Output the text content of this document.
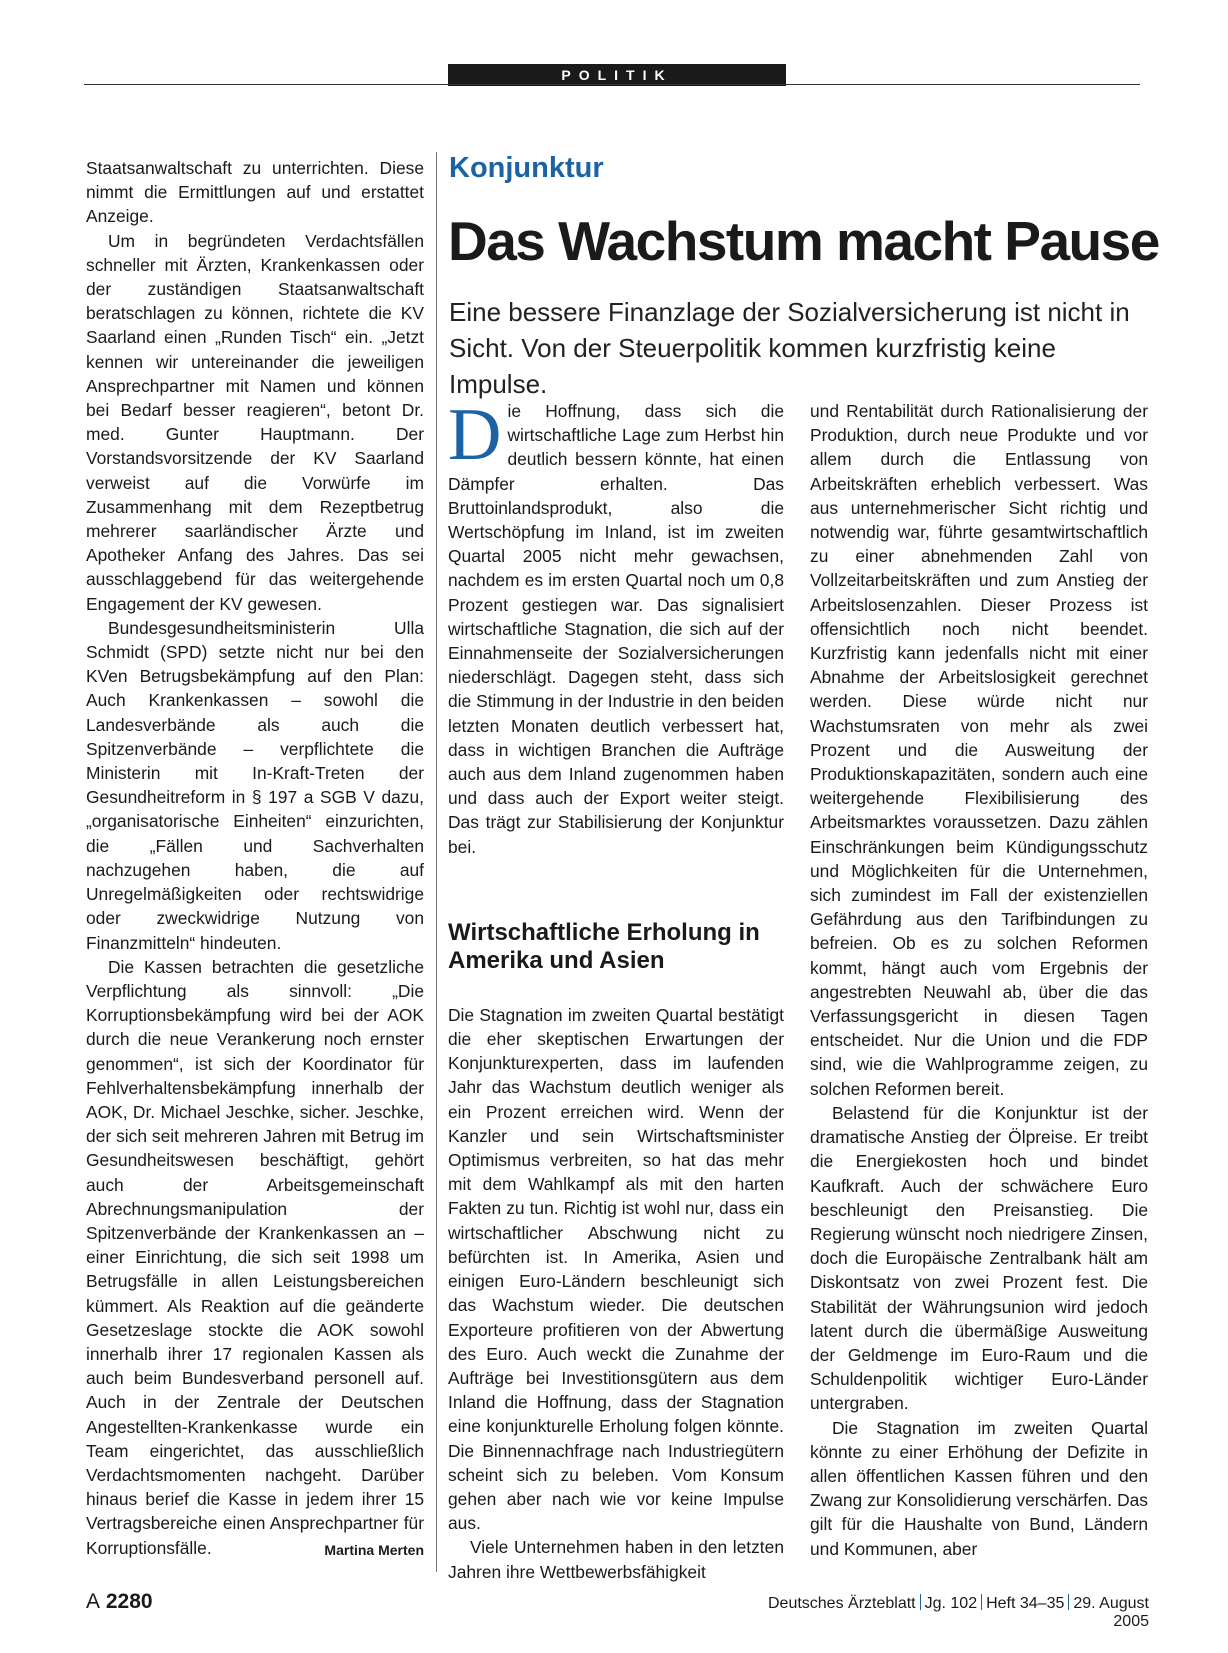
POLITIK

Staatsanwaltschaft zu unterrichten. Diese nimmt die Ermittlungen auf und erstattet Anzeige.

Um in begründeten Verdachtsfällen schneller mit Ärzten, Krankenkassen oder der zuständigen Staatsanwaltschaft beratschlagen zu können, richtete die KV Saarland einen „Runden Tisch“ ein. „Jetzt kennen wir untereinander die jeweiligen Ansprechpartner mit Namen und können bei Bedarf besser reagieren“, betont Dr. med. Gunter Hauptmann. Der Vorstandsvorsitzende der KV Saarland verweist auf die Vorwürfe im Zusammenhang mit dem Rezeptbetrug mehrerer saarländischer Ärzte und Apotheker Anfang des Jahres. Das sei ausschlaggebend für das weitergehende Engagement der KV gewesen.

Bundesgesundheitsministerin Ulla Schmidt (SPD) setzte nicht nur bei den KVen Betrugsbekämpfung auf den Plan: Auch Krankenkassen – sowohl die Landesverbände als auch die Spitzenverbände – verpflichtete die Ministerin mit In-Kraft-Treten der Gesundheitreform in § 197 a SGB V dazu, „organisatorische Einheiten“ einzurichten, die „Fällen und Sachverhalten nachzugehen haben, die auf Unregelmäßigkeiten oder rechtswidrige oder zweckwidrige Nutzung von Finanzmitteln“ hindeuten.

Die Kassen betrachten die gesetzliche Verpflichtung als sinnvoll: „Die Korruptionsbekämpfung wird bei der AOK durch die neue Verankerung noch ernster genommen“, ist sich der Koordinator für Fehlverhaltensbekämpfung innerhalb der AOK, Dr. Michael Jeschke, sicher. Jeschke, der sich seit mehreren Jahren mit Betrug im Gesundheitswesen beschäftigt, gehört auch der Arbeitsgemeinschaft Abrechnungsmanipulation der Spitzenverbände der Krankenkassen an – einer Einrichtung, die sich seit 1998 um Betrugsfälle in allen Leistungsbereichen kümmert. Als Reaktion auf die geänderte Gesetzeslage stockte die AOK sowohl innerhalb ihrer 17 regionalen Kassen als auch beim Bundesverband personell auf. Auch in der Zentrale der Deutschen Angestellten-Krankenkasse wurde ein Team eingerichtet, das ausschließlich Verdachtsmomenten nachgeht. Darüber hinaus berief die Kasse in jedem ihrer 15 Vertragsbereiche einen Ansprechpartner für Korruptionsfälle.	Martina Merten
Konjunktur
Das Wachstum macht Pause
Eine bessere Finanzlage der Sozialversicherung ist nicht in Sicht. Von der Steuerpolitik kommen kurzfristig keine Impulse.

Die Hoffnung, dass sich die wirtschaftliche Lage zum Herbst hin deutlich bessern könnte, hat einen Dämpfer erhalten. Das Bruttoinlandsprodukt, also die Wertschöpfung im Inland, ist im zweiten Quartal 2005 nicht mehr gewachsen, nachdem es im ersten Quartal noch um 0,8 Prozent gestiegen war. Das signalisiert wirtschaftliche Stagnation, die sich auf der Einnahmenseite der Sozialversicherungen niederschlägt. Dagegen steht, dass sich die Stimmung in der Industrie in den beiden letzten Monaten deutlich verbessert hat, dass in wichtigen Branchen die Aufträge auch aus dem Inland zugenommen haben und dass auch der Export weiter steigt. Das trägt zur Stabilisierung der Konjunktur bei.

Wirtschaftliche Erholung in Amerika und Asien

Die Stagnation im zweiten Quartal bestätigt die eher skeptischen Erwartungen der Konjunkturexperten, dass im laufenden Jahr das Wachstum deutlich weniger als ein Prozent erreichen wird. Wenn der Kanzler und sein Wirtschaftsminister Optimismus verbreiten, so hat das mehr mit dem Wahlkampf als mit den harten Fakten zu tun. Richtig ist wohl nur, dass ein wirtschaftlicher Abschwung nicht zu befürchten ist. In Amerika, Asien und einigen Euro-Ländern beschleunigt sich das Wachstum wieder. Die deutschen Exporteure profitieren von der Abwertung des Euro. Auch weckt die Zunahme der Aufträge bei Investitionsgütern aus dem Inland die Hoffnung, dass der Stagnation eine konjunkturelle Erholung folgen könnte. Die Binnennachfrage nach Industriegütern scheint sich zu beleben. Vom Konsum gehen aber nach wie vor keine Impulse aus.

Viele Unternehmen haben in den letzten Jahren ihre Wettbewerbsfähigkeit

und Rentabilität durch Rationalisierung der Produktion, durch neue Produkte und vor allem durch die Entlassung von Arbeitskräften erheblich verbessert. Was aus unternehmerischer Sicht richtig und notwendig war, führte gesamtwirtschaftlich zu einer abnehmenden Zahl von Vollzeitarbeitskräften und zum Anstieg der Arbeitslosenzahlen. Dieser Prozess ist offensichtlich noch nicht beendet. Kurzfristig kann jedenfalls nicht mit einer Abnahme der Arbeitslosigkeit gerechnet werden. Diese würde nicht nur Wachstumsraten von mehr als zwei Prozent und die Ausweitung der Produktionskapazitäten, sondern auch eine weitergehende Flexibilisierung des Arbeitsmarktes voraussetzen. Dazu zählen Einschränkungen beim Kündigungsschutz und Möglichkeiten für die Unternehmen, sich zumindest im Fall der existenziellen Gefährdung aus den Tarifbindungen zu befreien. Ob es zu solchen Reformen kommt, hängt auch vom Ergebnis der angestrebten Neuwahl ab, über die das Verfassungsgericht in diesen Tagen entscheidet. Nur die Union und die FDP sind, wie die Wahlprogramme zeigen, zu solchen Reformen bereit.

Belastend für die Konjunktur ist der dramatische Anstieg der Ölpreise. Er treibt die Energiekosten hoch und bindet Kaufkraft. Auch der schwächere Euro beschleunigt den Preisanstieg. Die Regierung wünscht noch niedrigere Zinsen, doch die Europäische Zentralbank hält am Diskontsatz von zwei Prozent fest. Die Stabilität der Währungsunion wird jedoch latent durch die übermäßige Ausweitung der Geldmenge im Euro-Raum und die Schuldenpolitik wichtiger Euro-Länder untergraben.

Die Stagnation im zweiten Quartal könnte zu einer Erhöhung der Defizite in allen öffentlichen Kassen führen und den Zwang zur Konsolidierung verschärfen. Das gilt für die Haushalte von Bund, Ländern und Kommunen, aber

A 2280	Deutsches Ärzteblatt Jg. 102 Heft 34–35 29. August 2005
